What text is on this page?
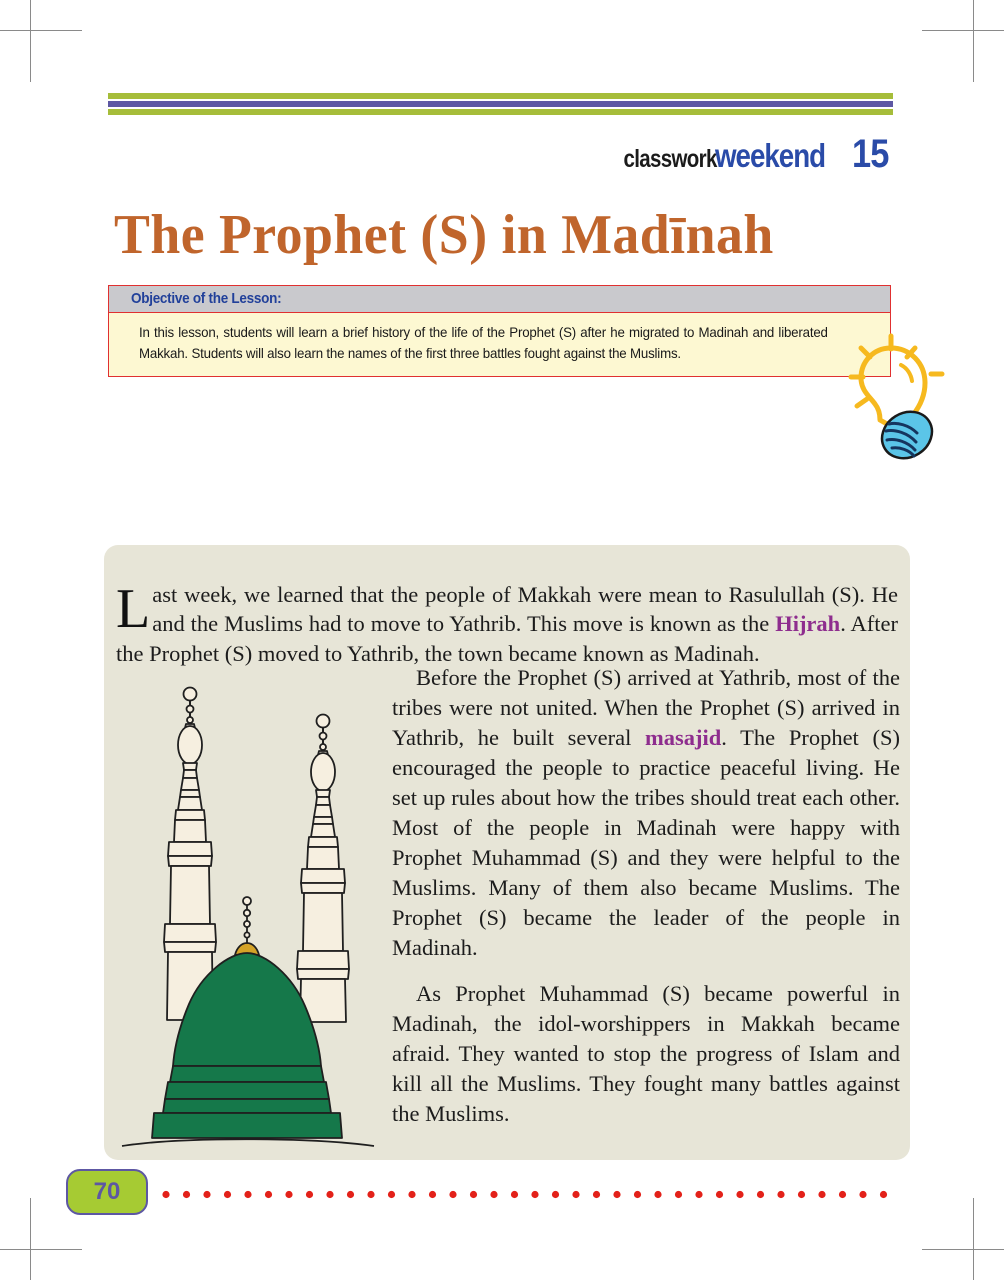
classworkweekend 15
The Prophet (S) in Madīnah
Objective of the Lesson:

In this lesson, students will learn a brief history of the life of the Prophet (S) after he migrated to Madinah and liberated Makkah. Students will also learn the names of the first three battles fought against the Muslims.

Last week, we learned that the people of Makkah were mean to Rasulullah (S). He and the Muslims had to move to Yathrib. This move is known as the Hijrah. After the Prophet (S) moved to Yathrib, the town became known as Madinah.

Before the Prophet (S) arrived at Yathrib, most of the tribes were not united. When the Prophet (S) arrived in Yathrib, he built several masajid. The Prophet (S) encouraged the people to practice peaceful living. He set up rules about how the tribes should treat each other. Most of the people in Madinah were happy with Prophet Muhammad (S) and they were helpful to the Muslims. Many of them also became Muslims. The Prophet (S) became the leader of the people in Madinah.

As Prophet Muhammad (S) became powerful in Madinah, the idol-worshippers in Makkah became afraid. They wanted to stop the progress of Islam and kill all the Muslims. They fought many battles against the Muslims.

70
